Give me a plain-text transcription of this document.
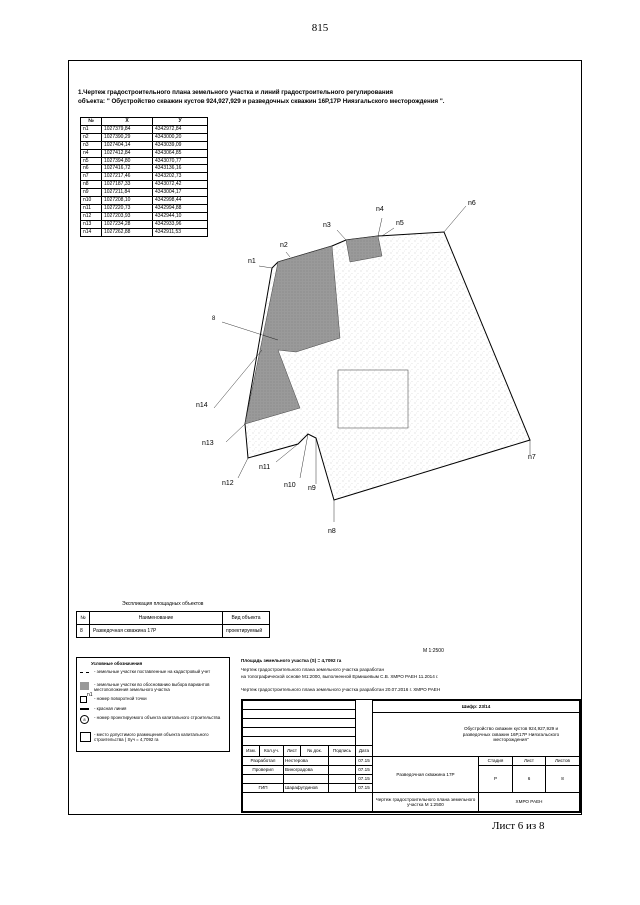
815
1.Чертеж градостроительного плана земельного участка и линий градостроительного регулирования
объекта: " Обустройство скважин кустов 924,927,929 и разведочных скважин 16Р,17Р Ниязгальского месторождения ".
№	X	У
n1	1027379,84	4342972,84
n2	1027390,29	4343000,20
n3	1027404,14	4343039,09
n4	1027412,84	4343064,85
n5	1027394,80	4343070,77
n6	1027416,72	4343136,16
n7	1027217,46	4343202,73
n8	1027187,33	4343072,42
n9	1027211,84	4343004,17
n10	1027208,10	4342998,44
n11	1027220,73	4342994,88
n12	1027203,93	4342944,10
n13	1027234,28	4342933,96
n14	1027262,88	4342911,53
n1
n2
n3
n4
n5
n6
n7
n8
n9
n10
n11
n12
n13
n14
8
Экспликация площадных объектов
№	Наименование	Вид объекта
8	Разведочная скважина 17Р	проектируемый
Условные обозначения
- земельные участки поставленные на кадастровый учет
- земельные участки во обоснованию выбора вариантов местоположения земельного участка
n1
- номер поворотной точки
- красная линия
8	- номер проектируемого объекта капитального строительства
- место допустимого размещения объекта капитального строительства ( Sуч = 4,7092 га
М 1:2500
Площадь земельного участка (S) = 4,7092 га
Чертеж градостроительного плана земельного участка разработан
на топографической основе М1:2000, выполненной Ермишевым С.В. ХМРО РАЕН 11.2014 г.
Чертеж градостроительного плана земельного участка разработан 20.07.2016 г. ХМРО РАЕН
Изм.	Кол.уч.	Лист	№ док.	Подпись	Дата
Разработал	Нестерова	07.15
Проверил	Виноградова	07.15
07.15
ГИП	Шарафутдинов	07.15
Шифр: 23/14
Обустройство скважин кустов 924,927,929 и разведочных скважин 16Р,17Р Ниязгальского месторождения"
Разведочная скважина 17Р
Стадия	Лист	Листов
Р	6	8
Чертеж градостроительного плана земельного участка М 1:2500
ХМРО РАЕН
Лист 6 из 8
